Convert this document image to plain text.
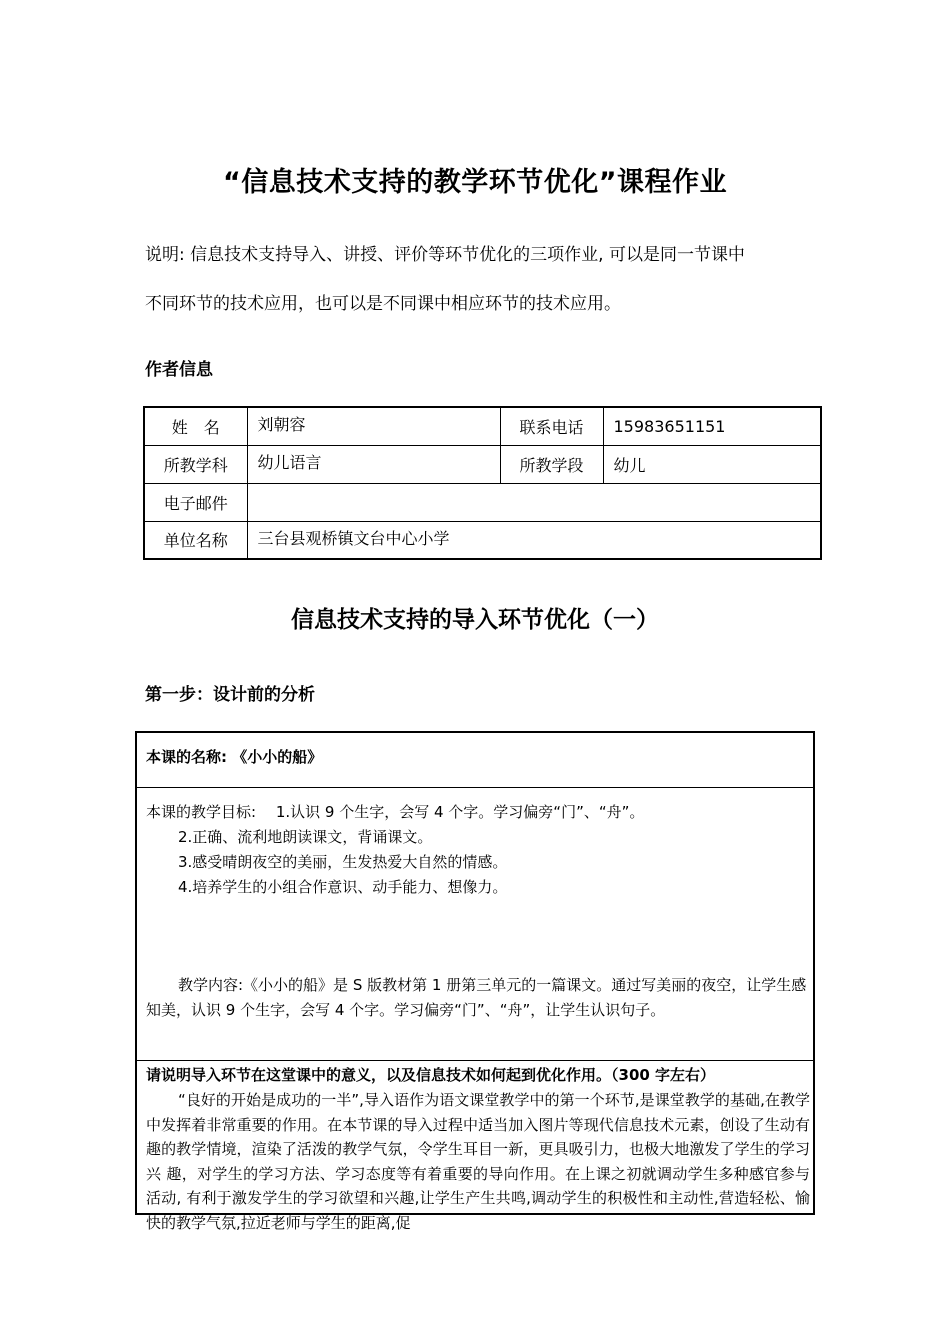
“信息技术支持的教学环节优化”课程作业
说明: 信息技术支持导入、讲授、评价等环节优化的三项作业, 可以是同一节课中
不同环节的技术应用，也可以是不同课中相应环节的技术应用。
作者信息
姓　名	刘朝容	联系电话	15983651151
所教学科	幼儿语言	所教学段	幼儿
电子邮件			
单位名称	三台县观桥镇文台中心小学		
信息技术支持的导入环节优化（一）
第一步：设计前的分析
本课的名称: 《小小的船》
本课的教学目标:　 1.认识 9 个生字，会写 4 个字。学习偏旁“门”、“舟”。
2.正确、流利地朗读课文，背诵课文。
3.感受晴朗夜空的美丽，生发热爱大自然的情感。
4.培养学生的小组合作意识、动手能力、想像力。
教学内容:《小小的船》是 S 版教材第 1 册第三单元的一篇课文。通过写美丽的夜空，让学生感知美，认识 9 个生字，会写 4 个字。学习偏旁“门”、“舟”，让学生认识句子。
请说明导入环节在这堂课中的意义，以及信息技术如何起到优化作用。（300 字左右）
“良好的开始是成功的一半”,导入语作为语文课堂教学中的第一个环节,是课堂教学的基础,在教学中发挥着非常重要的作用。在本节课的导入过程中适当加入图片等现代信息技术元素，创设了生动有趣的教学情境，渲染了活泼的教学气氛，令学生耳目一新，更具吸引力，也极大地激发了学生的学习兴 趣，对学生的学习方法、学习态度等有着重要的导向作用。在上课之初就调动学生多种感官参与活动, 有利于激发学生的学习欲望和兴趣,让学生产生共鸣,调动学生的积极性和主动性,营造轻松、愉快的教学气氛,拉近老师与学生的距离,促
